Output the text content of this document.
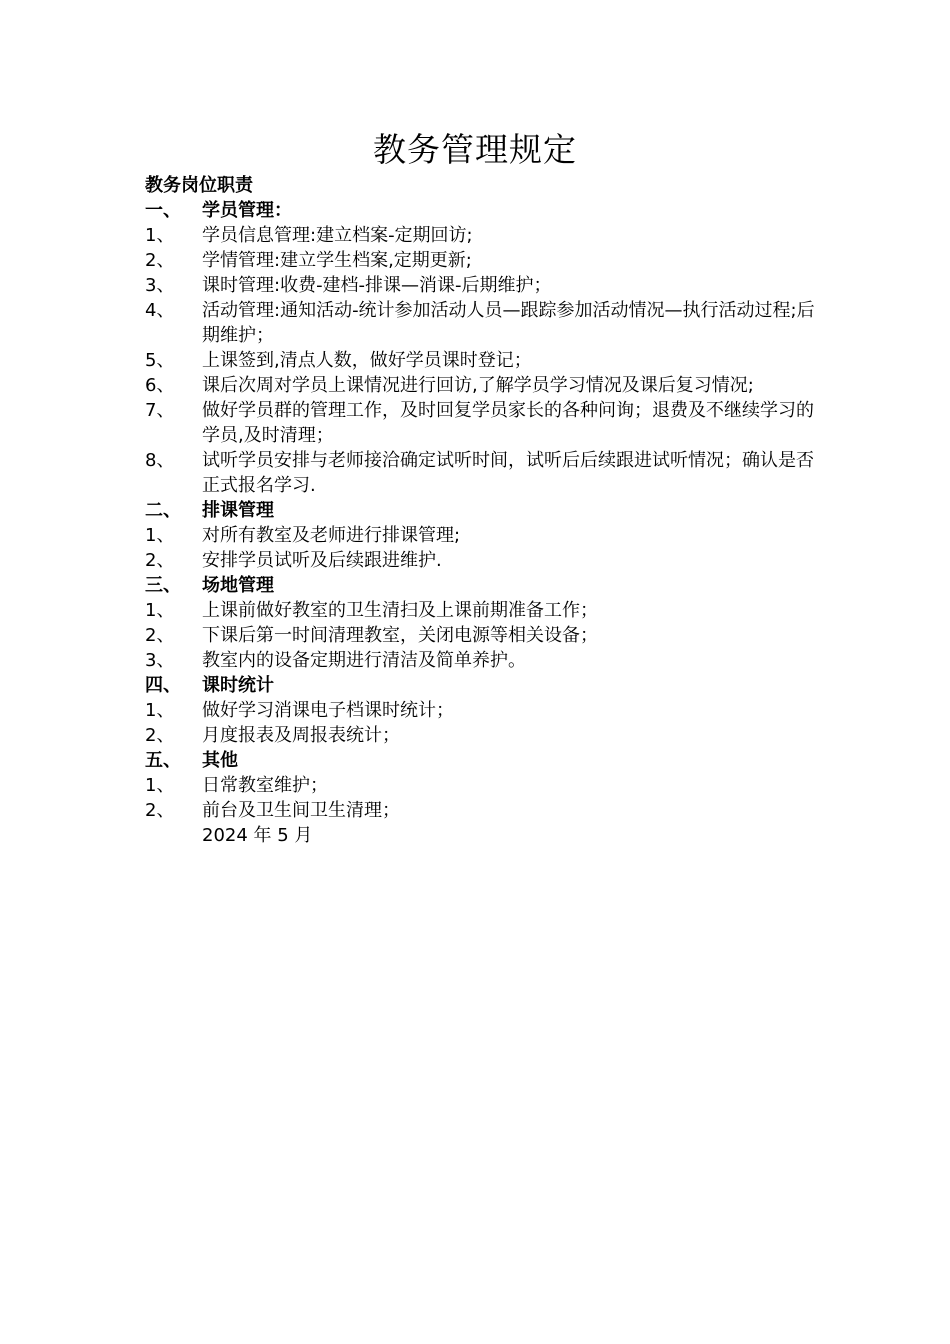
教务管理规定
教务岗位职责
一、	学员管理：
1、	学员信息管理:建立档案-定期回访;
2、	学情管理:建立学生档案,定期更新;
3、	课时管理:收费-建档-排课—消课-后期维护；
4、	活动管理:通知活动-统计参加活动人员—跟踪参加活动情况—执行活动过程;后期维护；
5、	上课签到,清点人数，做好学员课时登记；
6、	课后次周对学员上课情况进行回访,了解学员学习情况及课后复习情况;
7、	做好学员群的管理工作，及时回复学员家长的各种问询；退费及不继续学习的学员,及时清理；
8、	试听学员安排与老师接洽确定试听时间，试听后后续跟进试听情况；确认是否正式报名学习.
二、	排课管理
1、	对所有教室及老师进行排课管理;
2、	安排学员试听及后续跟进维护.
三、	场地管理
1、	上课前做好教室的卫生清扫及上课前期准备工作；
2、	下课后第一时间清理教室，关闭电源等相关设备；
3、	教室内的设备定期进行清洁及简单养护。
四、	课时统计
1、	做好学习消课电子档课时统计；
2、	月度报表及周报表统计；
五、	其他
1、	日常教室维护；
2、	前台及卫生间卫生清理；
2024 年 5 月
